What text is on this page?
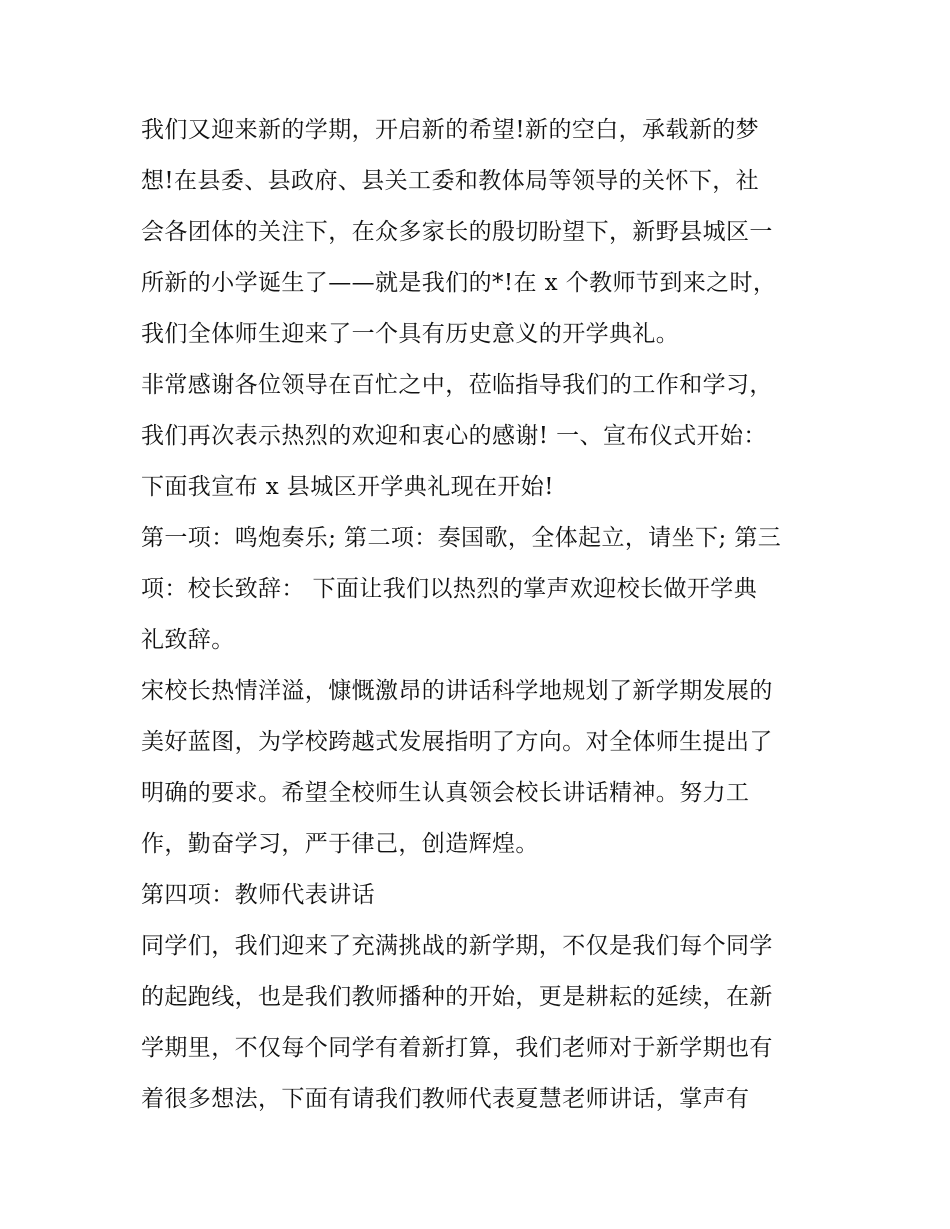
我们又迎来新的学期，开启新的希望!新的空白，承载新的梦
想!在县委、县政府、县关工委和教体局等领导的关怀下，社
会各团体的关注下，在众多家长的殷切盼望下，新野县城区一
所新的小学诞生了——就是我们的*!在 x 个教师节到来之时，
我们全体师生迎来了一个具有历史意义的开学典礼。
非常感谢各位领导在百忙之中，莅临指导我们的工作和学习，
我们再次表示热烈的欢迎和衷心的感谢! 一、宣布仪式开始：
下面我宣布 x 县城区开学典礼现在开始!
第一项：鸣炮奏乐; 第二项：奏国歌，全体起立，请坐下; 第三
项：校长致辞： 下面让我们以热烈的掌声欢迎校长做开学典
礼致辞。
宋校长热情洋溢，慷慨激昂的讲话科学地规划了新学期发展的
美好蓝图，为学校跨越式发展指明了方向。对全体师生提出了
明确的要求。希望全校师生认真领会校长讲话精神。努力工
作，勤奋学习，严于律己，创造辉煌。
第四项：教师代表讲话
同学们，我们迎来了充满挑战的新学期，不仅是我们每个同学
的起跑线，也是我们教师播种的开始，更是耕耘的延续，在新
学期里，不仅每个同学有着新打算，我们老师对于新学期也有
着很多想法，下面有请我们教师代表夏慧老师讲话，掌声有
